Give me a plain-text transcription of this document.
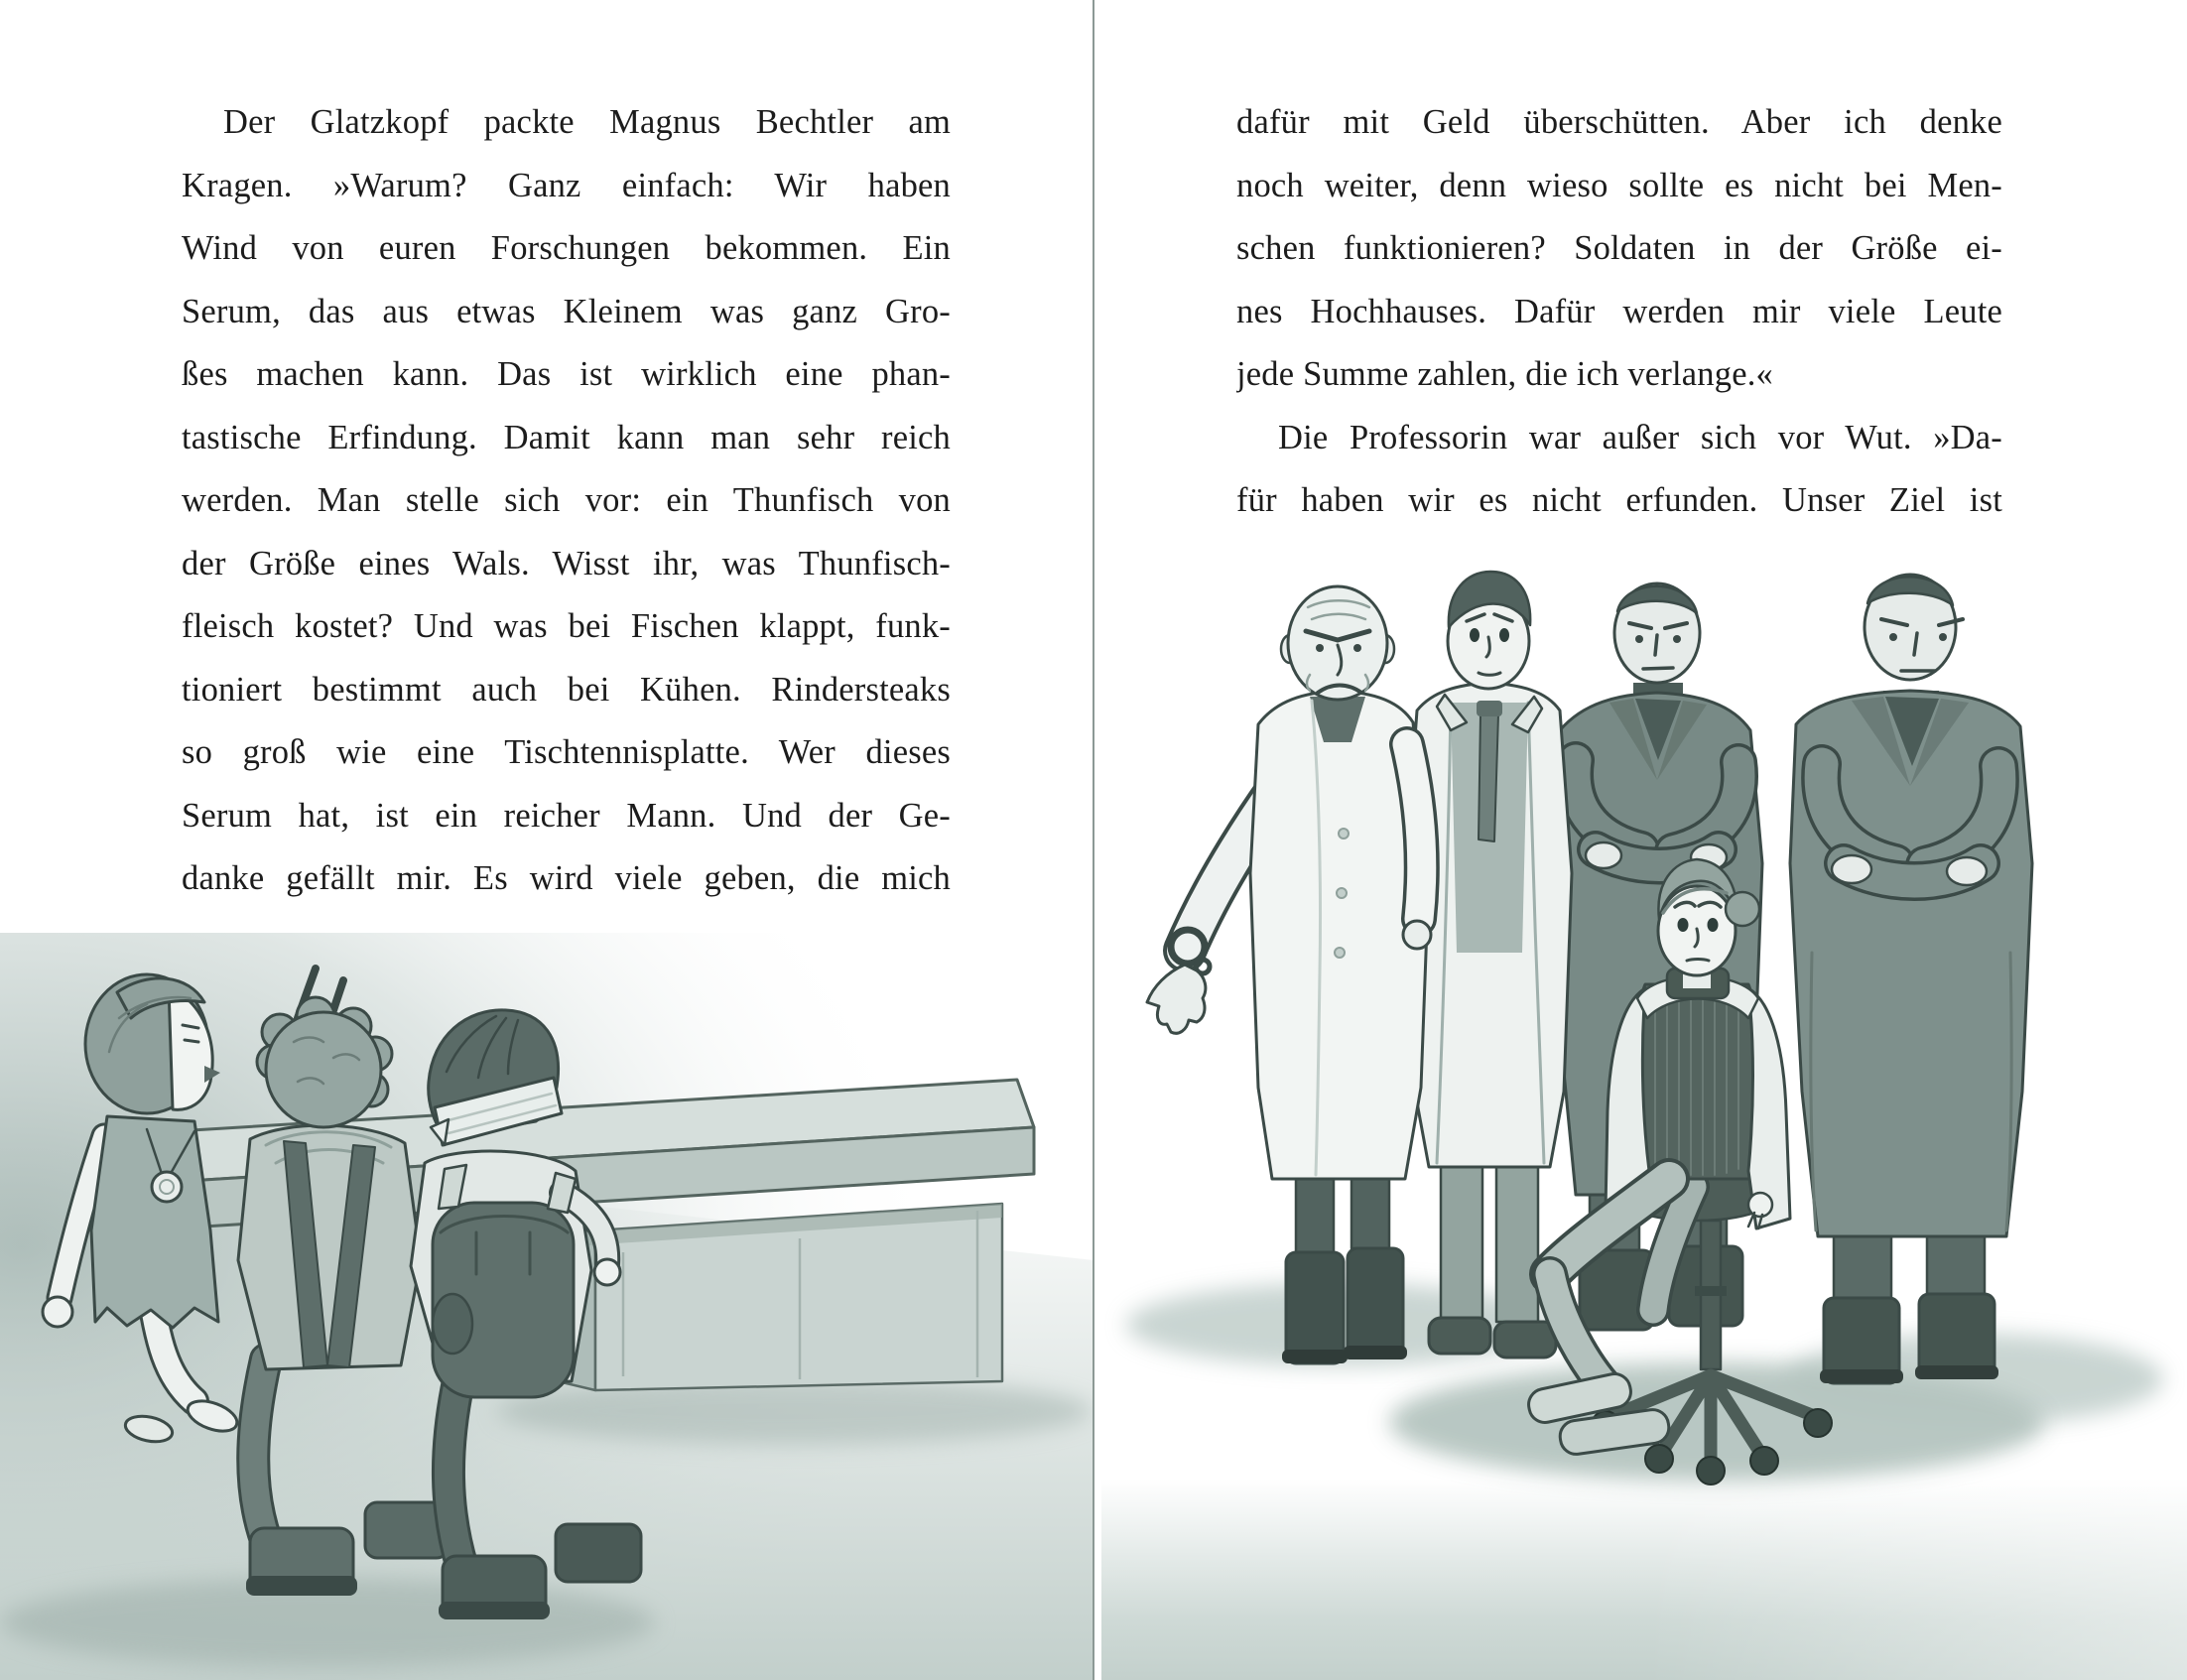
Der Glatzkopf packte Magnus Bechtler am
Kragen. »Warum? Ganz einfach: Wir haben
Wind von euren Forschungen bekommen. Ein
Serum, das aus etwas Kleinem was ganz Gro-
ßes machen kann. Das ist wirklich eine phan-
tastische Erfindung. Damit kann man sehr reich
werden. Man stelle sich vor: ein Thunfisch von
der Größe eines Wals. Wisst ihr, was Thunfisch-
fleisch kostet? Und was bei Fischen klappt, funk-
tioniert bestimmt auch bei Kühen. Rindersteaks
so groß wie eine Tischtennisplatte. Wer dieses
Serum hat, ist ein reicher Mann. Und der Ge-
danke gefällt mir. Es wird viele geben, die mich
dafür mit Geld überschütten. Aber ich denke
noch weiter, denn wieso sollte es nicht bei Men-
schen funktionieren? Soldaten in der Größe ei-
nes Hochhauses. Dafür werden mir viele Leute
jede Summe zahlen, die ich verlange.«
Die Professorin war außer sich vor Wut. »Da-
für haben wir es nicht erfunden. Unser Ziel ist
